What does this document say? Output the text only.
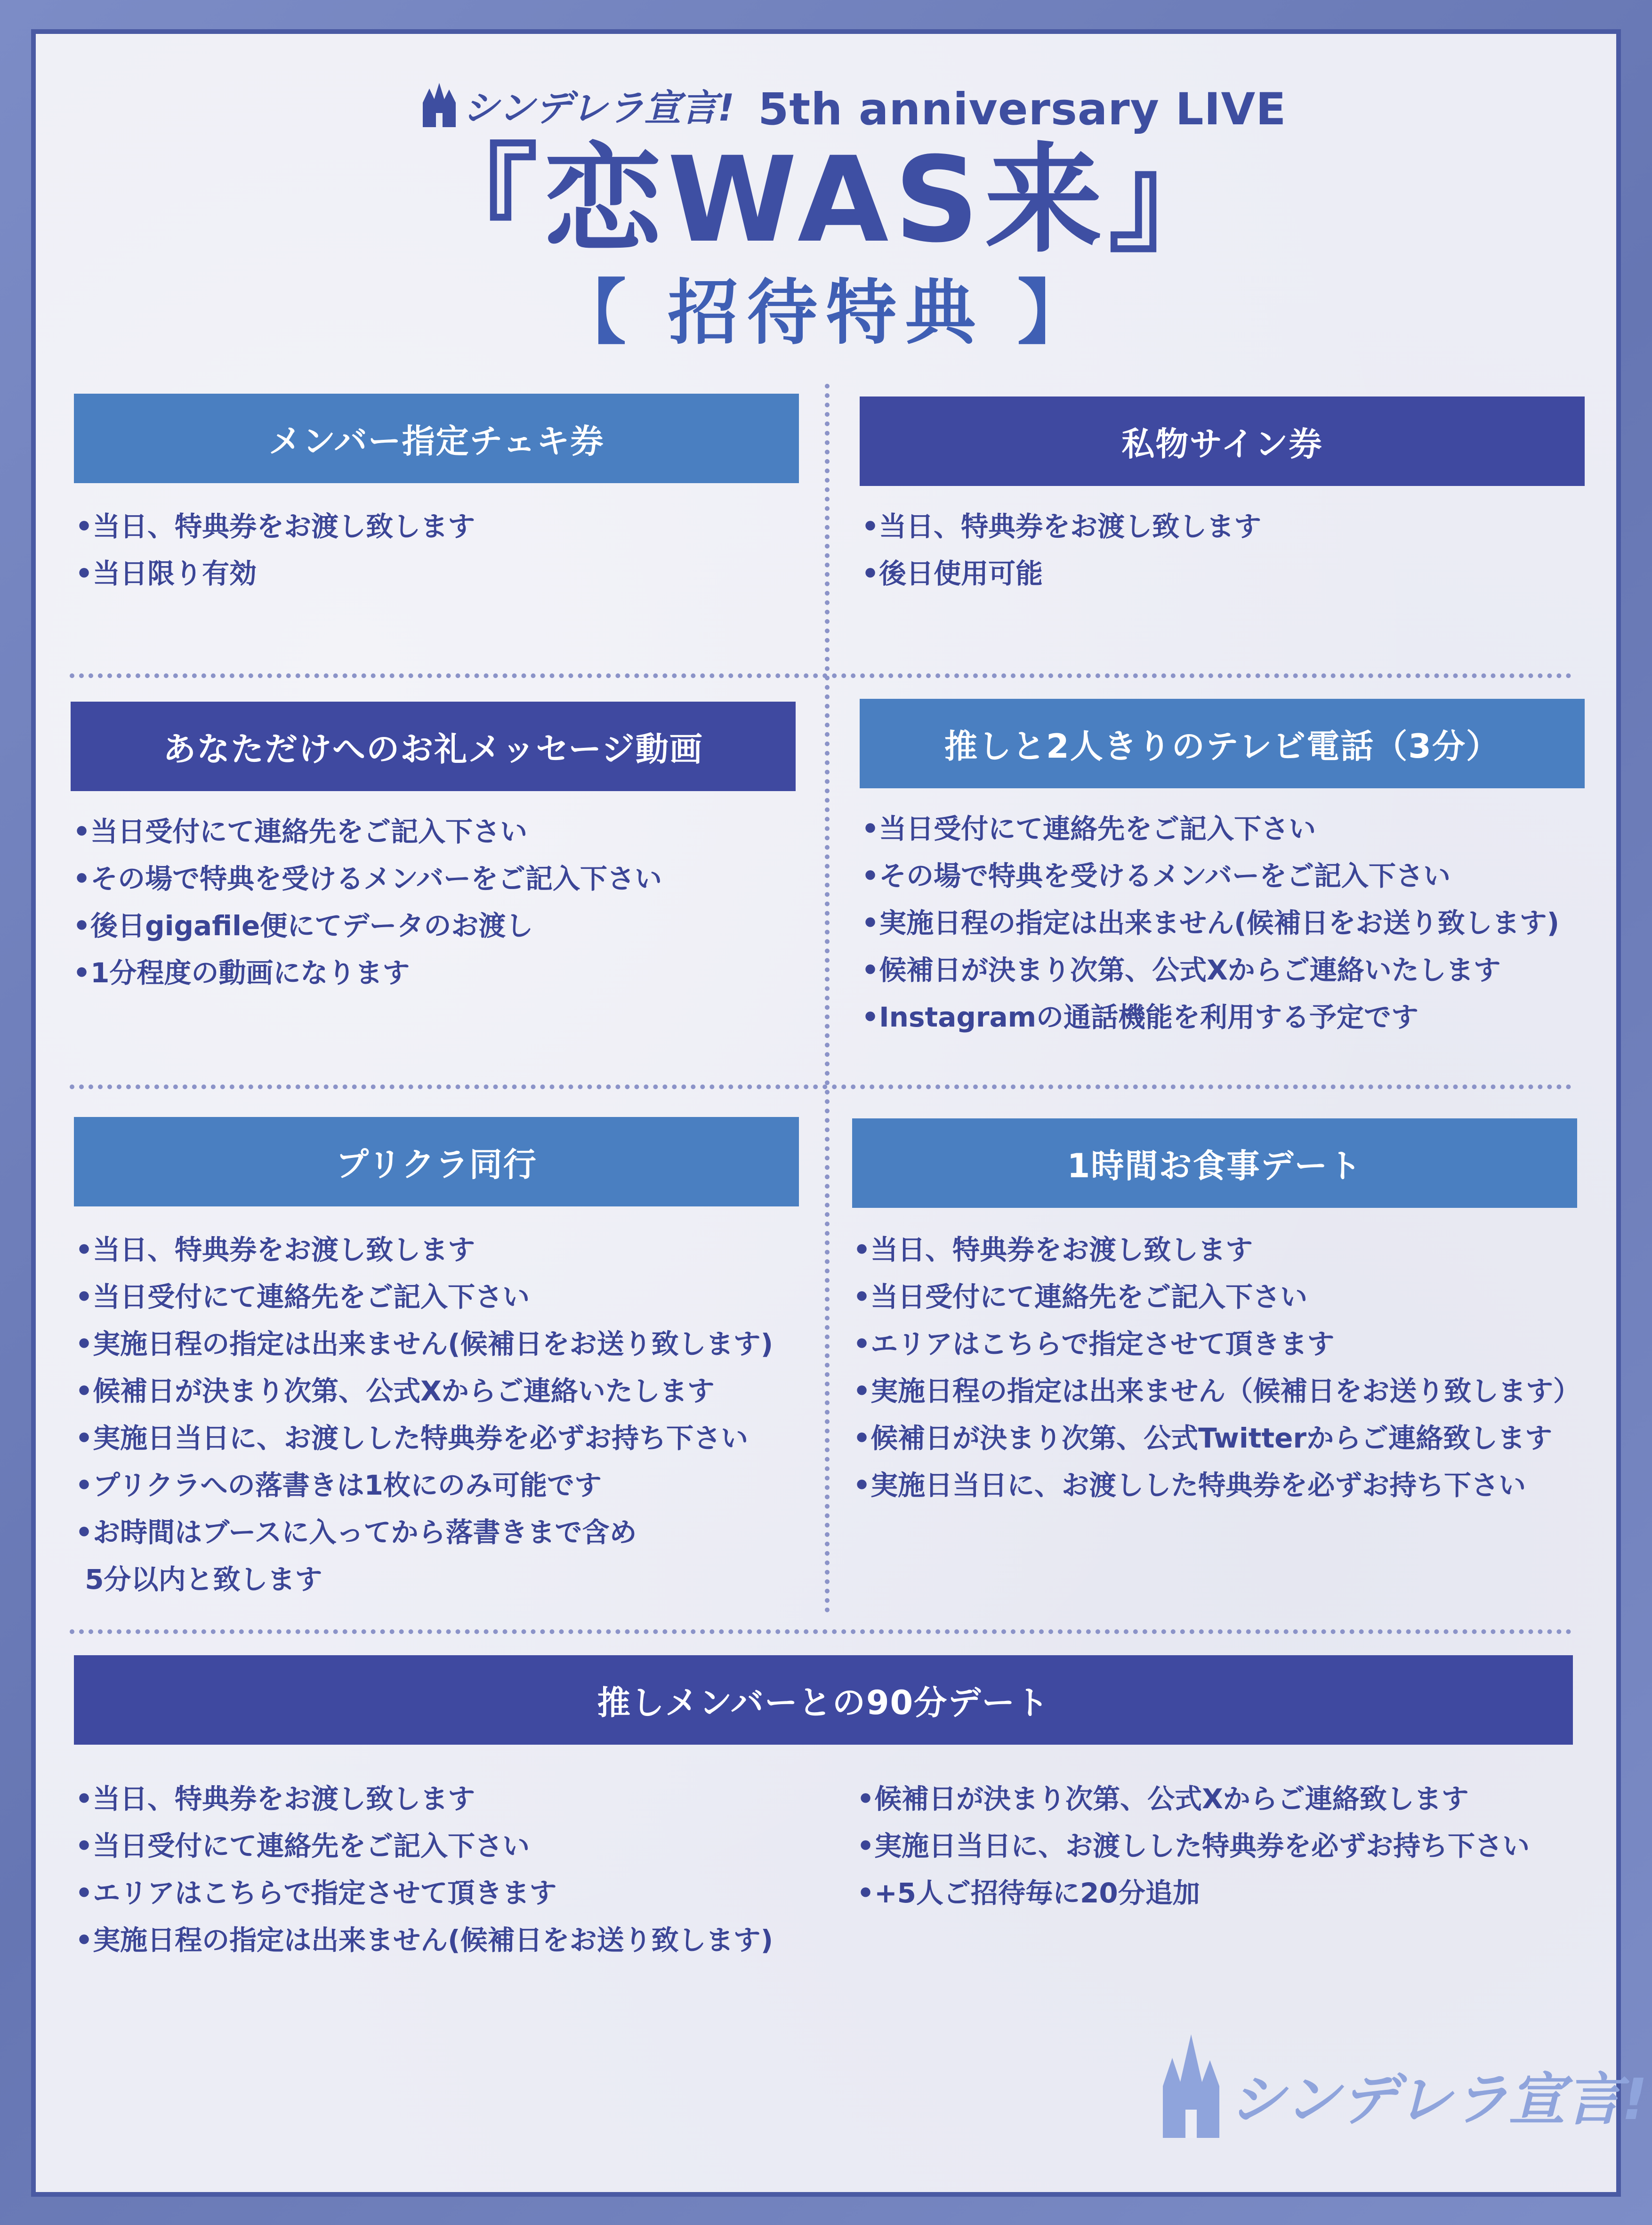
シンデレラ宣言! 5th anniversary LIVE
『恋WAS来』
【 招待特典 】
メンバー指定チェキ券
• 当日、特典券をお渡し致します
• 当日限り有効
私物サイン券
• 当日、特典券をお渡し致します
• 後日使用可能
あなただけへのお礼メッセージ動画
• 当日受付にて連絡先をご記入下さい
• その場で特典を受けるメンバーをご記入下さい
• 後日gigafile便にてデータのお渡し
• 1分程度の動画になります
推しと2人きりのテレビ電話（3分）
• 当日受付にて連絡先をご記入下さい
• その場で特典を受けるメンバーをご記入下さい
• 実施日程の指定は出来ません(候補日をお送り致します)
• 候補日が決まり次第、公式Xからご連絡いたします
• Instagramの通話機能を利用する予定です
プリクラ同行
• 当日、特典券をお渡し致します
• 当日受付にて連絡先をご記入下さい
• 実施日程の指定は出来ません(候補日をお送り致します)
• 候補日が決まり次第、公式Xからご連絡いたします
• 実施日当日に、お渡しした特典券を必ずお持ち下さい
• プリクラへの落書きは1枚にのみ可能です
• お時間はブースに入ってから落書きまで含め
5分以内と致します
1時間お食事デート
• 当日、特典券をお渡し致します
• 当日受付にて連絡先をご記入下さい
• エリアはこちらで指定させて頂きます
• 実施日程の指定は出来ません（候補日をお送り致します）
• 候補日が決まり次第、公式Twitterからご連絡致します
• 実施日当日に、お渡しした特典券を必ずお持ち下さい
推しメンバーとの90分デート
• 当日、特典券をお渡し致します
• 当日受付にて連絡先をご記入下さい
• エリアはこちらで指定させて頂きます
• 実施日程の指定は出来ません(候補日をお送り致します)
• 候補日が決まり次第、公式Xからご連絡致します
• 実施日当日に、お渡しした特典券を必ずお持ち下さい
• +5人ご招待毎に20分追加
シンデレラ宣言!
